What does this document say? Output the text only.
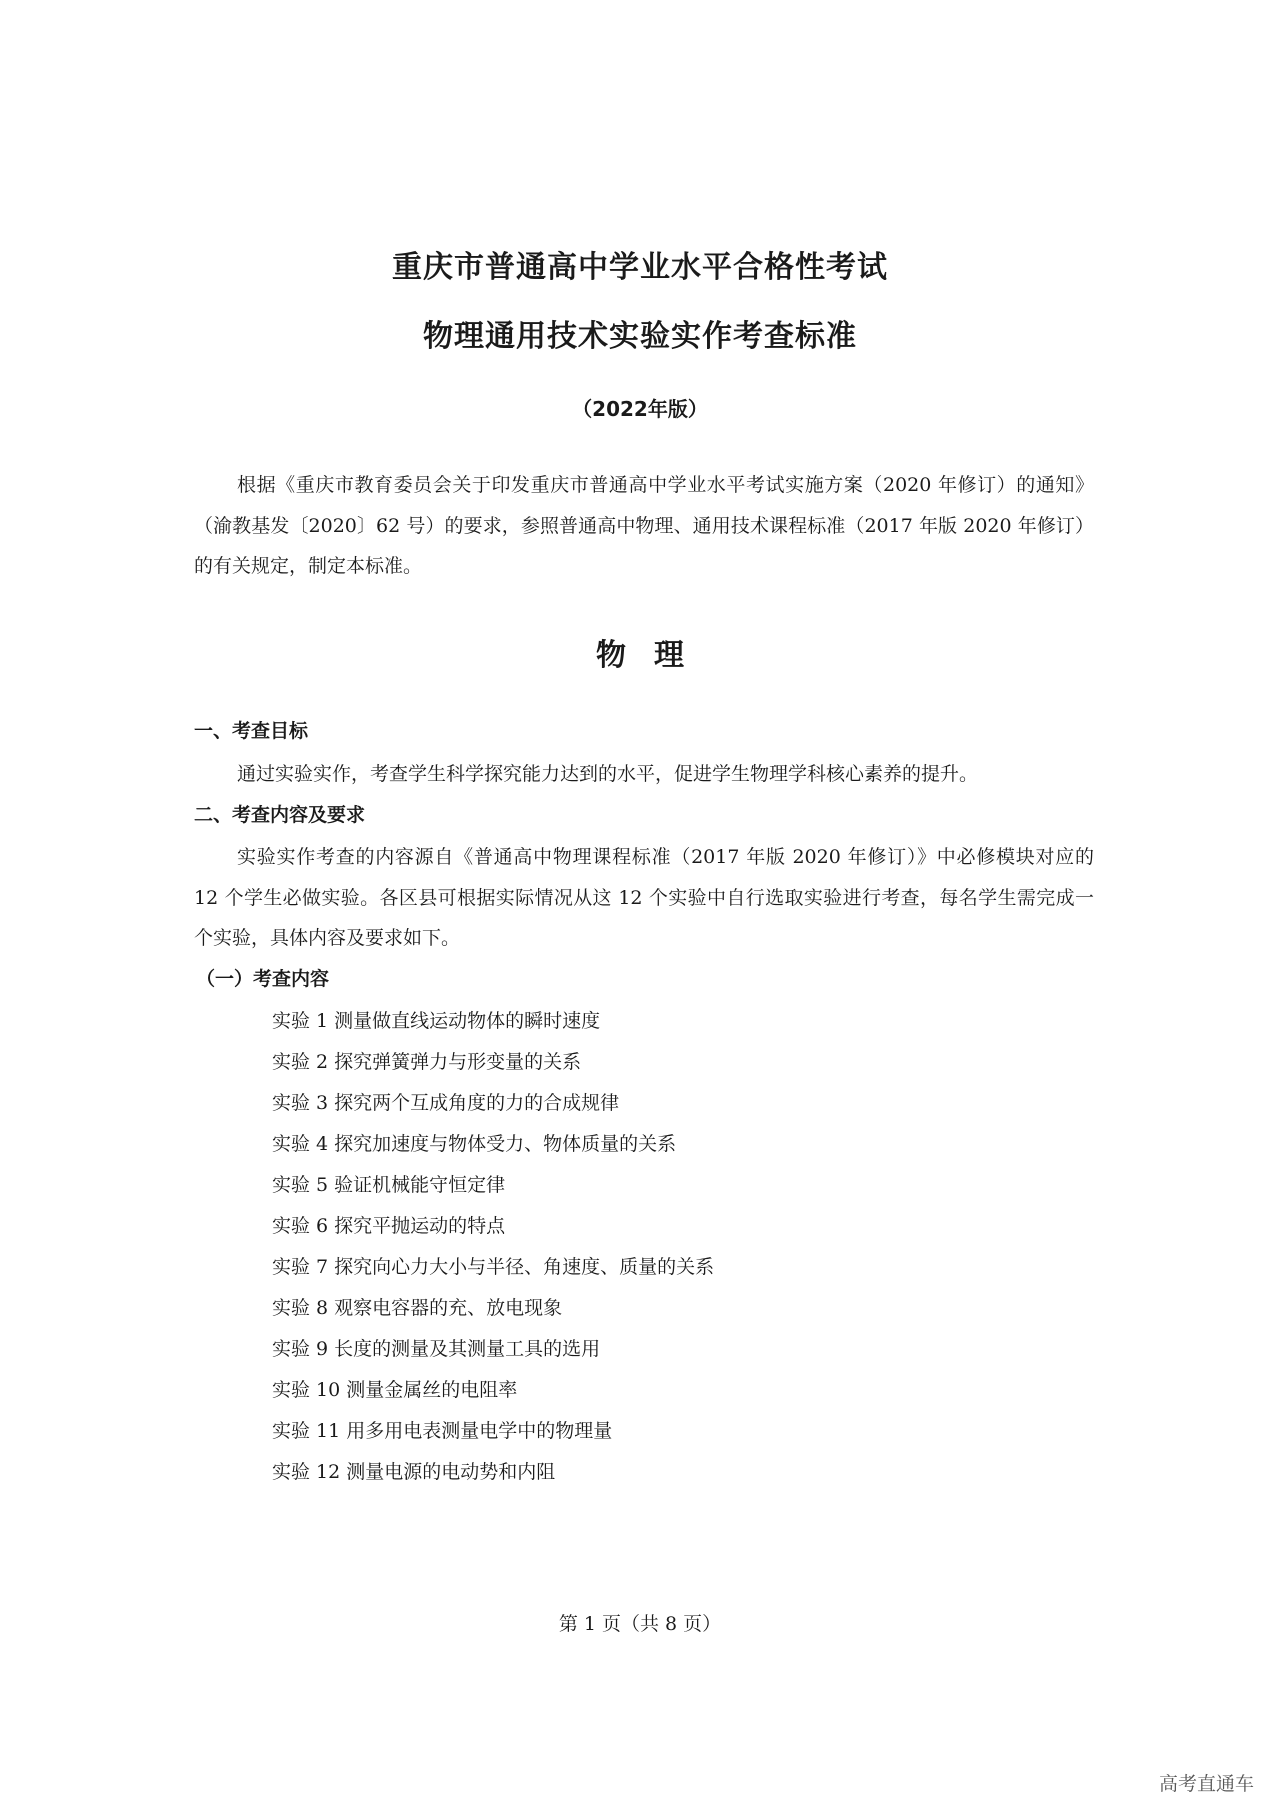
重庆市普通高中学业水平合格性考试
物理通用技术实验实作考查标准
（2022年版）

根据《重庆市教育委员会关于印发重庆市普通高中学业水平考试实施方案（2020 年修订）的通知》（渝教基发〔2020〕62 号）的要求，参照普通高中物理、通用技术课程标准（2017 年版 2020 年修订）的有关规定，制定本标准。

物理
一、考查目标

通过实验实作，考查学生科学探究能力达到的水平，促进学生物理学科核心素养的提升。

二、考查内容及要求

实验实作考查的内容源自《普通高中物理课程标准（2017 年版 2020 年修订）》中必修模块对应的 12 个学生必做实验。各区县可根据实际情况从这 12 个实验中自行选取实验进行考查，每名学生需完成一个实验，具体内容及要求如下。

（一）考查内容
实验 1 测量做直线运动物体的瞬时速度
实验 2 探究弹簧弹力与形变量的关系
实验 3 探究两个互成角度的力的合成规律
实验 4 探究加速度与物体受力、物体质量的关系
实验 5 验证机械能守恒定律
实验 6 探究平抛运动的特点
实验 7 探究向心力大小与半径、角速度、质量的关系
实验 8 观察电容器的充、放电现象
实验 9 长度的测量及其测量工具的选用
实验 10 测量金属丝的电阻率
实验 11 用多用电表测量电学中的物理量
实验 12 测量电源的电动势和内阻
第 1 页（共 8 页）
高考直通车
